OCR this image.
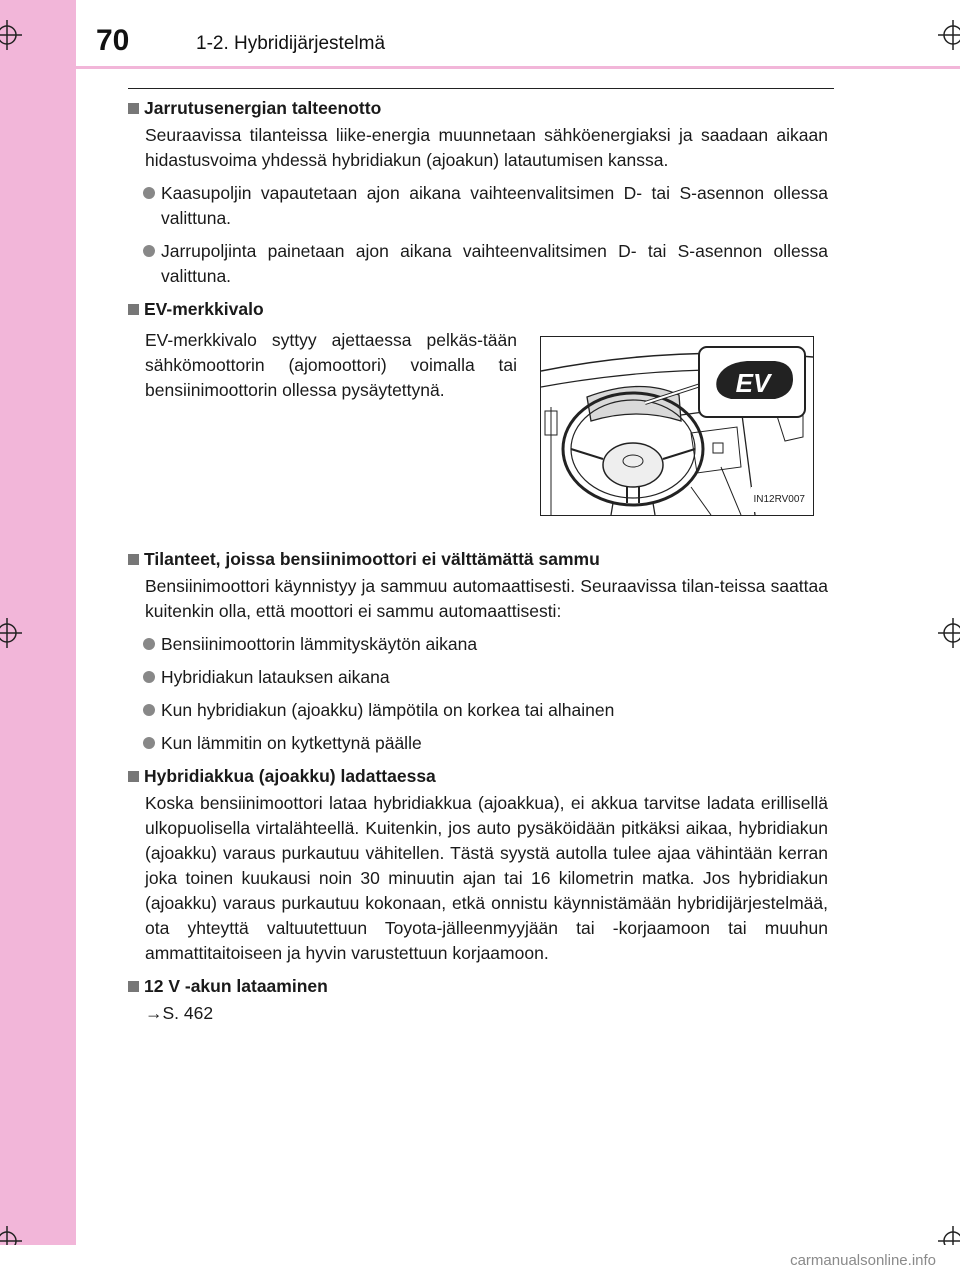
70	1-2. Hybridijärjestelmä
Jarrutusenergian talteenotto
Seuraavissa tilanteissa liike-energia muunnetaan sähköenergiaksi ja saadaan aikaan hidastusvoima yhdessä hybridiakun (ajoakun) latautumisen kanssa.
Kaasupoljin vapautetaan ajon aikana vaihteenvalitsimen D- tai S-asennon ollessa valittuna.
Jarrupoljinta painetaan ajon aikana vaihteenvalitsimen D- tai S-asennon ollessa valittuna.
EV-merkkivalo
EV-merkkivalo syttyy ajettaessa pelkäs-tään sähkömoottorin (ajomoottori) voimalla tai bensiinimoottorin ollessa pysäytettynä.	EV
IN12RV007
Tilanteet, joissa bensiinimoottori ei välttämättä sammu
Bensiinimoottori käynnistyy ja sammuu automaattisesti. Seuraavissa tilan-teissa saattaa kuitenkin olla, että moottori ei sammu automaattisesti:
Bensiinimoottorin lämmityskäytön aikana
Hybridiakun latauksen aikana
Kun hybridiakun (ajoakku) lämpötila on korkea tai alhainen
Kun lämmitin on kytkettynä päälle
Hybridiakkua (ajoakku) ladattaessa
Koska bensiinimoottori lataa hybridiakkua (ajoakkua), ei akkua tarvitse ladata erillisellä ulkopuolisella virtalähteellä. Kuitenkin, jos auto pysäköidään pitkäksi aikaa, hybridiakun (ajoakku) varaus purkautuu vähitellen. Tästä syystä autolla tulee ajaa vähintään kerran joka toinen kuukausi noin 30 minuutin ajan tai 16 kilometrin matka. Jos hybridiakun (ajoakku) varaus purkautuu kokonaan, etkä onnistu käynnistämään hybridijärjestelmää, ota yhteyttä valtuutettuun Toyota-jälleenmyyjään tai -korjaamoon tai muuhun ammattitaitoiseen ja hyvin varustettuun korjaamoon.
12 V -akun lataaminen
→S. 462
carmanualsonline.info
